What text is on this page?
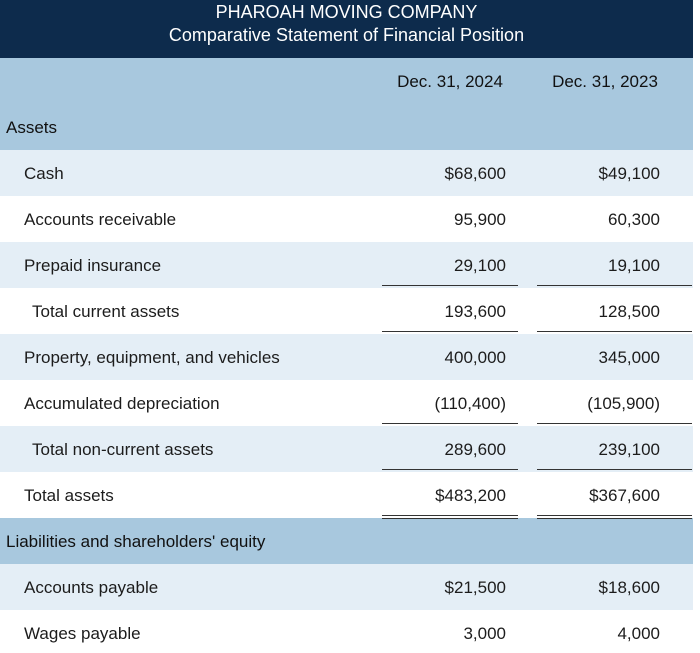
PHAROAH MOVING COMPANY
Comparative Statement of Financial Position
Dec. 31, 2024	Dec. 31, 2023
Assets
Cash	$68,600	$49,100
Accounts receivable	95,900	60,300
Prepaid insurance	29,100	19,100
Total current assets	193,600	128,500
Property, equipment, and vehicles	400,000	345,000
Accumulated depreciation	(110,400)	(105,900)
Total non-current assets	289,600	239,100
Total assets	$483,200	$367,600
Liabilities and shareholders' equity
Accounts payable	$21,500	$18,600
Wages payable	3,000	4,000
